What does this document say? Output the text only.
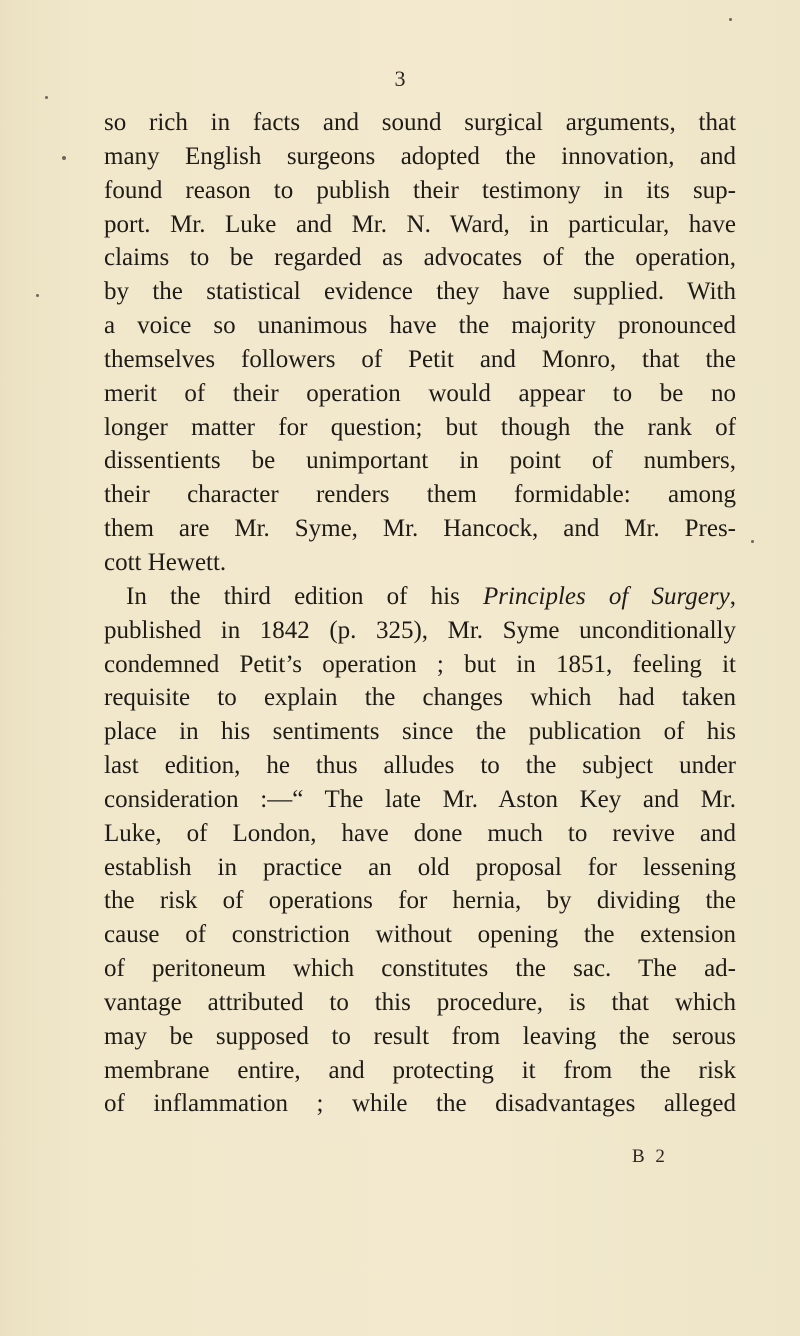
3
so rich in facts and sound surgical arguments, that
many English surgeons adopted the innovation, and
found reason to publish their testimony in its sup-
port. Mr. Luke and Mr. N. Ward, in particular, have
claims to be regarded as advocates of the operation,
by the statistical evidence they have supplied. With
a voice so unanimous have the majority pronounced
themselves followers of Petit and Monro, that the
merit of their operation would appear to be no
longer matter for question; but though the rank of
dissentients be unimportant in point of numbers,
their character renders them formidable: among
them are Mr. Syme, Mr. Hancock, and Mr. Pres-
cott Hewett.
In the third edition of his Principles of Surgery,
published in 1842 (p. 325), Mr. Syme unconditionally
condemned Petit’s operation ; but in 1851, feeling it
requisite to explain the changes which had taken
place in his sentiments since the publication of his
last edition, he thus alludes to the subject under
consideration :—“ The late Mr. Aston Key and Mr.
Luke, of London, have done much to revive and
establish in practice an old proposal for lessening
the risk of operations for hernia, by dividing the
cause of constriction without opening the extension
of peritoneum which constitutes the sac. The ad-
vantage attributed to this procedure, is that which
may be supposed to result from leaving the serous
membrane entire, and protecting it from the risk
of inflammation ; while the disadvantages alleged
B 2
